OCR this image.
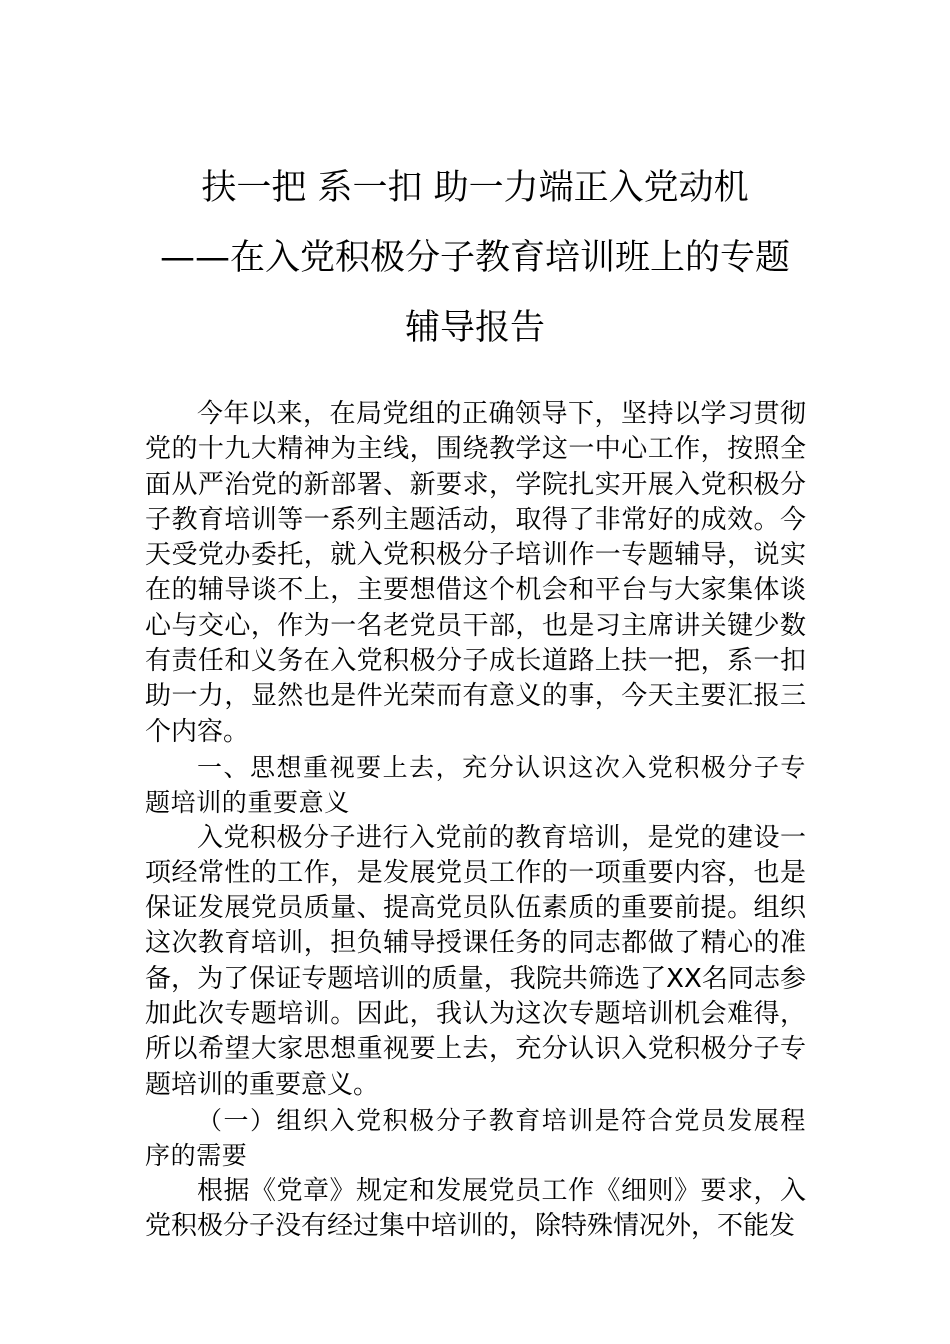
扶一把 系一扣 助一力端正入党动机
——在入党积极分子教育培训班上的专题
辅导报告

今年以来，在局党组的正确领导下，坚持以学习贯彻党的十九大精神为主线，围绕教学这一中心工作，按照全面从严治党的新部署、新要求，学院扎实开展入党积极分子教育培训等一系列主题活动，取得了非常好的成效。今天受党办委托，就入党积极分子培训作一专题辅导，说实在的辅导谈不上，主要想借这个机会和平台与大家集体谈心与交心，作为一名老党员干部，也是习主席讲关键少数有责任和义务在入党积极分子成长道路上扶一把，系一扣助一力，显然也是件光荣而有意义的事，今天主要汇报三个内容。

一、思想重视要上去，充分认识这次入党积极分子专题培训的重要意义

入党积极分子进行入党前的教育培训，是党的建设一项经常性的工作，是发展党员工作的一项重要内容，也是保证发展党员质量、提高党员队伍素质的重要前提。组织这次教育培训，担负辅导授课任务的同志都做了精心的准备，为了保证专题培训的质量，我院共筛选了XX名同志参加此次专题培训。因此，我认为这次专题培训机会难得，所以希望大家思想重视要上去，充分认识入党积极分子专题培训的重要意义。

（一）组织入党积极分子教育培训是符合党员发展程序的需要

根据《党章》规定和发展党员工作《细则》要求，入党积极分子没有经过集中培训的，除特殊情况外，不能发
